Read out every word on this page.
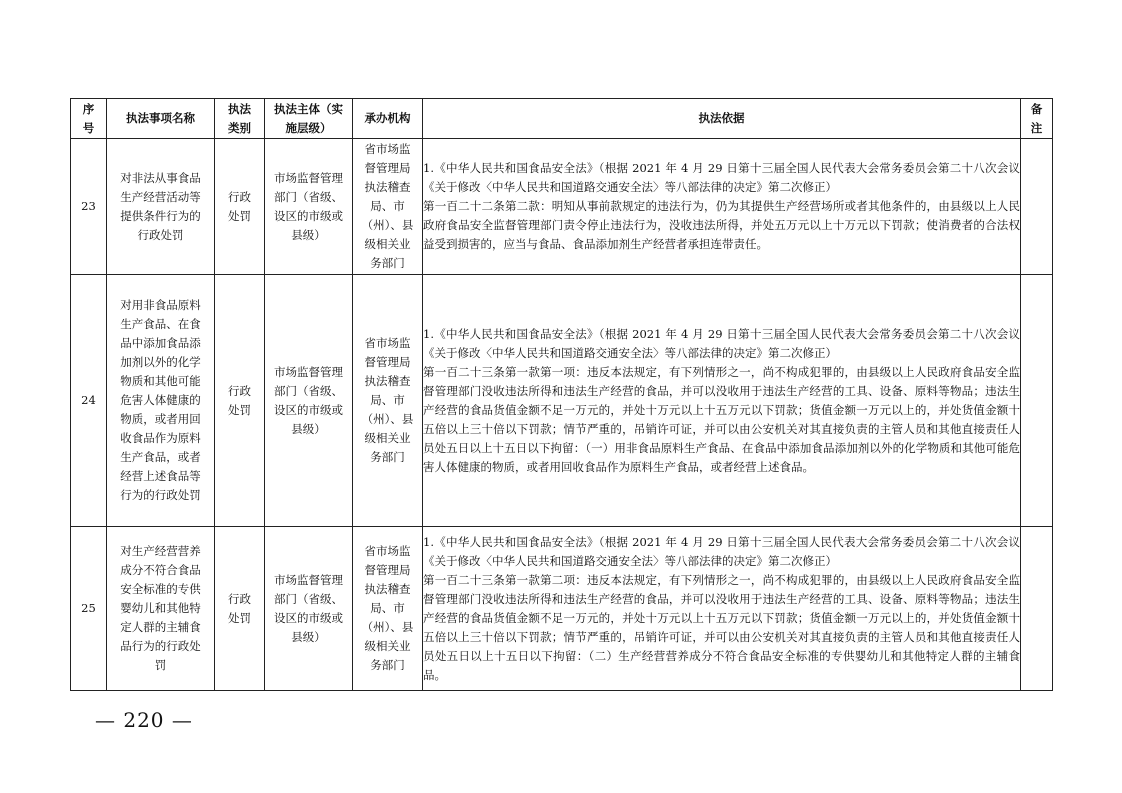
序号	执法事项名称	执法类别	执法主体（实施层级）	承办机构	执法依据	备注
23	对非法从事食品生产经营活动等提供条件行为的行政处罚	行政处罚	市场监督管理部门（省级、设区的市级或县级）	省市场监督管理局执法稽查局、市（州）、县级相关业务部门	1.《中华人民共和国食品安全法》（根据 2021 年 4 月 29 日第十三届全国人民代表大会常务委员会第二十八次会议《关于修改〈中华人民共和国道路交通安全法〉等八部法律的决定》第二次修正）
第一百二十二条第二款：明知从事前款规定的违法行为，仍为其提供生产经营场所或者其他条件的，由县级以上人民政府食品安全监督管理部门责令停止违法行为，没收违法所得，并处五万元以上十万元以下罚款；使消费者的合法权益受到损害的，应当与食品、食品添加剂生产经营者承担连带责任。	
24	对用非食品原料生产食品、在食品中添加食品添加剂以外的化学物质和其他可能危害人体健康的物质，或者用回收食品作为原料生产食品，或者经营上述食品等行为的行政处罚	行政处罚	市场监督管理部门（省级、设区的市级或县级）	省市场监督管理局执法稽查局、市（州）、县级相关业务部门	1.《中华人民共和国食品安全法》（根据 2021 年 4 月 29 日第十三届全国人民代表大会常务委员会第二十八次会议《关于修改〈中华人民共和国道路交通安全法〉等八部法律的决定》第二次修正）
第一百二十三条第一款第一项：违反本法规定，有下列情形之一，尚不构成犯罪的，由县级以上人民政府食品安全监督管理部门没收违法所得和违法生产经营的食品，并可以没收用于违法生产经营的工具、设备、原料等物品；违法生产经营的食品货值金额不足一万元的，并处十万元以上十五万元以下罚款；货值金额一万元以上的，并处货值金额十五倍以上三十倍以下罚款；情节严重的，吊销许可证，并可以由公安机关对其直接负责的主管人员和其他直接责任人员处五日以上十五日以下拘留：（一）用非食品原料生产食品、在食品中添加食品添加剂以外的化学物质和其他可能危害人体健康的物质，或者用回收食品作为原料生产食品，或者经营上述食品。	
25	对生产经营营养成分不符合食品安全标准的专供婴幼儿和其他特定人群的主辅食品行为的行政处罚	行政处罚	市场监督管理部门（省级、设区的市级或县级）	省市场监督管理局执法稽查局、市（州）、县级相关业务部门	1.《中华人民共和国食品安全法》（根据 2021 年 4 月 29 日第十三届全国人民代表大会常务委员会第二十八次会议《关于修改〈中华人民共和国道路交通安全法〉等八部法律的决定》第二次修正）
第一百二十三条第一款第二项：违反本法规定，有下列情形之一，尚不构成犯罪的，由县级以上人民政府食品安全监督管理部门没收违法所得和违法生产经营的食品，并可以没收用于违法生产经营的工具、设备、原料等物品；违法生产经营的食品货值金额不足一万元的，并处十万元以上十五万元以下罚款；货值金额一万元以上的，并处货值金额十五倍以上三十倍以下罚款；情节严重的，吊销许可证，并可以由公安机关对其直接负责的主管人员和其他直接责任人员处五日以上十五日以下拘留：（二）生产经营营养成分不符合食品安全标准的专供婴幼儿和其他特定人群的主辅食品。	
— 220 —
